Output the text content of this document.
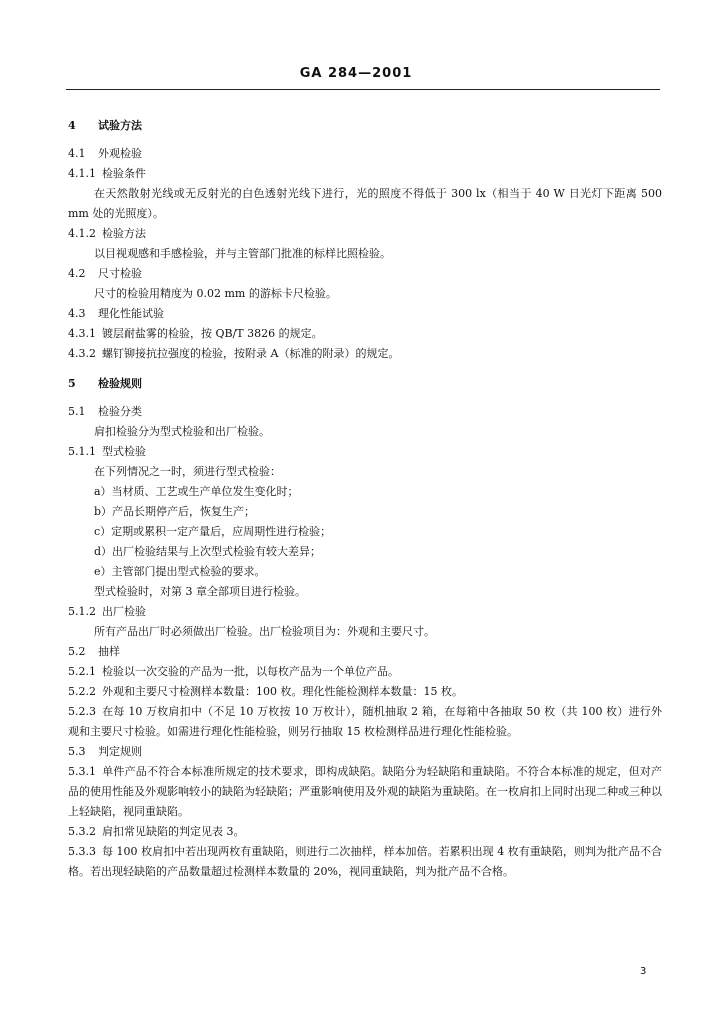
GA 284—2001
4 试验方法
4.1 外观检验
4.1.1 检验条件
在天然散射光线或无反射光的白色透射光线下进行，光的照度不得低于 300 lx（相当于 40 W 日光灯下距离 500 mm 处的光照度）。
4.1.2 检验方法
以目视观感和手感检验，并与主管部门批准的标样比照检验。
4.2 尺寸检验
尺寸的检验用精度为 0.02 mm 的游标卡尺检验。
4.3 理化性能试验
4.3.1 镀层耐盐雾的检验，按 QB/T 3826 的规定。
4.3.2 螺钉铆接抗拉强度的检验，按附录 A（标准的附录）的规定。
5 检验规则
5.1 检验分类
肩扣检验分为型式检验和出厂检验。
5.1.1 型式检验
在下列情况之一时，须进行型式检验：
a）当材质、工艺或生产单位发生变化时；
b）产品长期停产后，恢复生产；
c）定期或累积一定产量后，应周期性进行检验；
d）出厂检验结果与上次型式检验有较大差异；
e）主管部门提出型式检验的要求。
型式检验时，对第 3 章全部项目进行检验。
5.1.2 出厂检验
所有产品出厂时必须做出厂检验。出厂检验项目为：外观和主要尺寸。
5.2 抽样
5.2.1 检验以一次交验的产品为一批，以每枚产品为一个单位产品。
5.2.2 外观和主要尺寸检测样本数量：100 枚。理化性能检测样本数量：15 枚。
5.2.3 在每 10 万枚肩扣中（不足 10 万枚按 10 万枚计），随机抽取 2 箱，在每箱中各抽取 50 枚（共 100 枚）进行外观和主要尺寸检验。如需进行理化性能检验，则另行抽取 15 枚检测样品进行理化性能检验。
5.3 判定规则
5.3.1 单件产品不符合本标准所规定的技术要求，即构成缺陷。缺陷分为轻缺陷和重缺陷。不符合本标准的规定，但对产品的使用性能及外观影响较小的缺陷为轻缺陷；严重影响使用及外观的缺陷为重缺陷。在一枚肩扣上同时出现二种或三种以上轻缺陷，视同重缺陷。
5.3.2 肩扣常见缺陷的判定见表 3。
5.3.3 每 100 枚肩扣中若出现两枚有重缺陷，则进行二次抽样，样本加倍。若累积出现 4 枚有重缺陷，则判为批产品不合格。若出现轻缺陷的产品数量超过检测样本数量的 20%，视同重缺陷，判为批产品不合格。
3
